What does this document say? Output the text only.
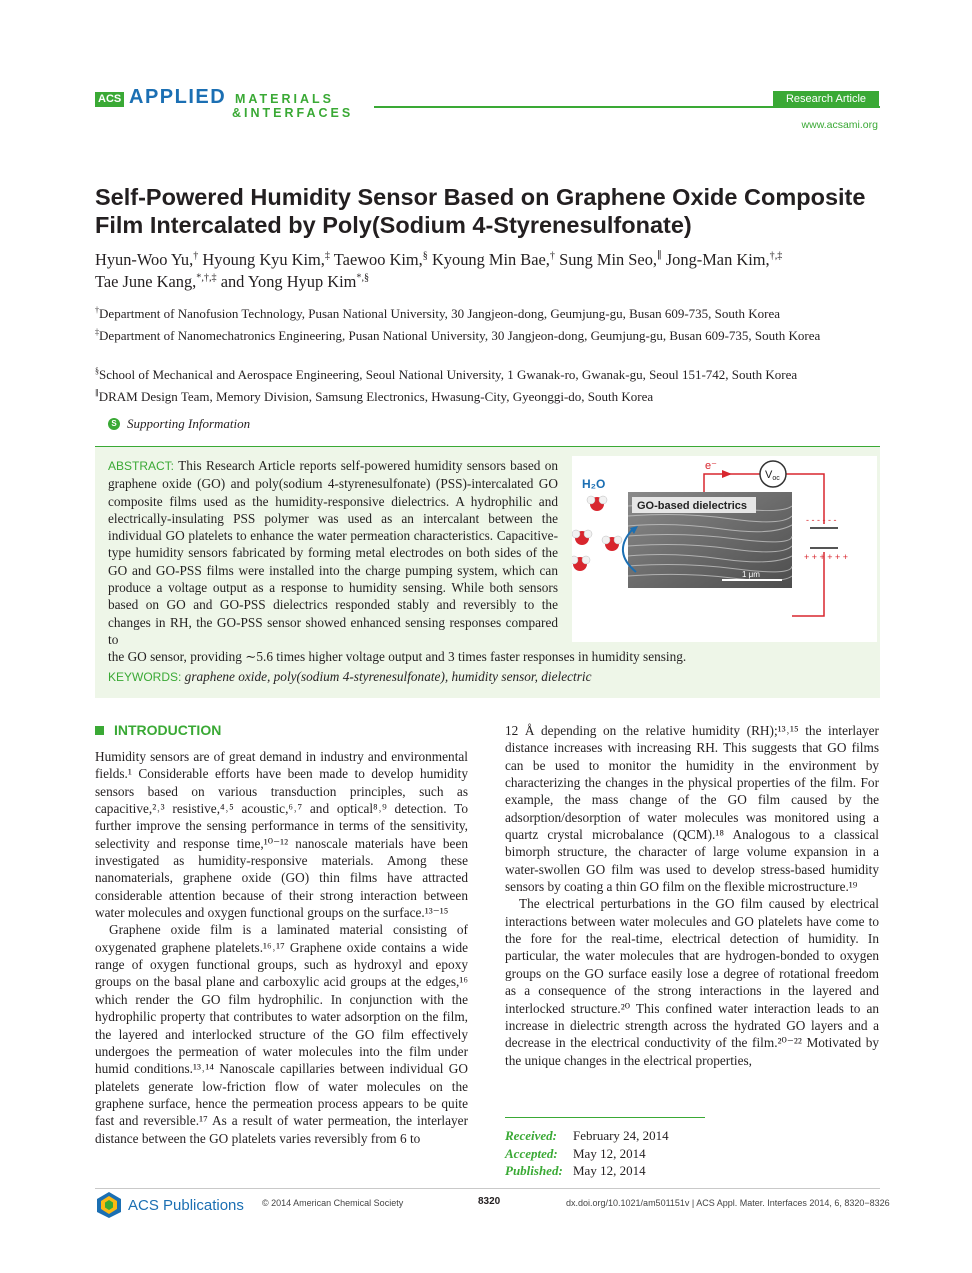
ACS APPLIED MATERIALS
&INTERFACES
Research Article
www.acsami.org
Self-Powered Humidity Sensor Based on Graphene Oxide Composite Film Intercalated by Poly(Sodium 4-Styrenesulfonate)
Hyun-Woo Yu,† Hyoung Kyu Kim,‡ Taewoo Kim,§ Kyoung Min Bae,† Sung Min Seo,∥ Jong-Man Kim,†,‡
Tae June Kang,*,†,‡ and Yong Hyup Kim*,§
†Department of Nanofusion Technology, Pusan National University, 30 Jangjeon-dong, Geumjung-gu, Busan 609-735, South Korea
‡Department of Nanomechatronics Engineering, Pusan National University, 30 Jangjeon-dong, Geumjung-gu, Busan 609-735, South Korea
§School of Mechanical and Aerospace Engineering, Seoul National University, 1 Gwanak-ro, Gwanak-gu, Seoul 151-742, South Korea
∥DRAM Design Team, Memory Division, Samsung Electronics, Hwasung-City, Gyeonggi-do, South Korea
S Supporting Information
ABSTRACT: This Research Article reports self-powered humidity sensors based on graphene oxide (GO) and poly(sodium 4-styrenesulfonate) (PSS)-intercalated GO composite films used as the humidity-responsive dielectrics. A hydrophilic and electrically-insulating PSS polymer was used as an intercalant between the individual GO platelets to enhance the water permeation characteristics. Capacitive-type humidity sensors fabricated by forming metal electrodes on both sides of the GO and GO-PSS films were installed into the charge pumping system, which can produce a voltage output as a response to humidity sensing. While both sensors based on GO and GO-PSS dielectrics responded stably and reversibly to the changes in RH, the GO-PSS sensor showed enhanced sensing responses compared to
the GO sensor, providing ∼5.6 times higher voltage output and 3 times faster responses in humidity sensing.
KEYWORDS: graphene oxide, poly(sodium 4-styrenesulfonate), humidity sensor, dielectric
GO-based dielectrics
1 μm
H₂O
e⁻
Voc
- - - - - -
+ + + + + +
INTRODUCTION

Humidity sensors are of great demand in industry and environmental fields.¹ Considerable efforts have been made to develop humidity sensors based on various transduction principles, such as capacitive,²˒³ resistive,⁴˒⁵ acoustic,⁶˒⁷ and optical⁸˒⁹ detection. To further improve the sensing performance in terms of the sensitivity, selectivity and response time,¹⁰⁻¹² nanoscale materials have been investigated as humidity-responsive materials. Among these nanomaterials, graphene oxide (GO) thin films have attracted considerable attention because of their strong interaction between water molecules and oxygen functional groups on the surface.¹³⁻¹⁵

Graphene oxide film is a laminated material consisting of oxygenated graphene platelets.¹⁶˒¹⁷ Graphene oxide contains a wide range of oxygen functional groups, such as hydroxyl and epoxy groups on the basal plane and carboxylic acid groups at the edges,¹⁶ which render the GO film hydrophilic. In conjunction with the hydrophilic property that contributes to water adsorption on the film, the layered and interlocked structure of the GO film effectively undergoes the permeation of water molecules into the film under humid conditions.¹³˒¹⁴ Nanoscale capillaries between individual GO platelets generate low-friction flow of water molecules on the graphene surface, hence the permeation process appears to be quite fast and reversible.¹⁷ As a result of water permeation, the interlayer distance between the GO platelets varies reversibly from 6 to

12 Å depending on the relative humidity (RH);¹³˒¹⁵ the interlayer distance increases with increasing RH. This suggests that GO films can be used to monitor the humidity in the environment by characterizing the changes in the physical properties of the film. For example, the mass change of the GO film caused by the adsorption/desorption of water molecules was monitored using a quartz crystal microbalance (QCM).¹⁸ Analogous to a classical bimorph structure, the character of large volume expansion in a water-swollen GO film was used to develop stress-based humidity sensors by coating a thin GO film on the flexible microstructure.¹⁹

The electrical perturbations in the GO film caused by electrical interactions between water molecules and GO platelets have come to the fore for the real-time, electrical detection of humidity. In particular, the water molecules that are hydrogen-bonded to oxygen groups on the GO surface easily lose a degree of rotational freedom as a consequence of the strong interactions in the layered and interlocked structure.²⁰ This confined water interaction leads to an increase in dielectric strength across the hydrated GO layers and a decrease in the electrical conductivity of the film.²⁰⁻²² Motivated by the unique changes in the electrical properties,

Received: February 24, 2014
Accepted: May 12, 2014
Published: May 12, 2014
ACS Publications © 2014 American Chemical Society	8320	dx.doi.org/10.1021/am501151v | ACS Appl. Mater. Interfaces 2014, 6, 8320−8326
